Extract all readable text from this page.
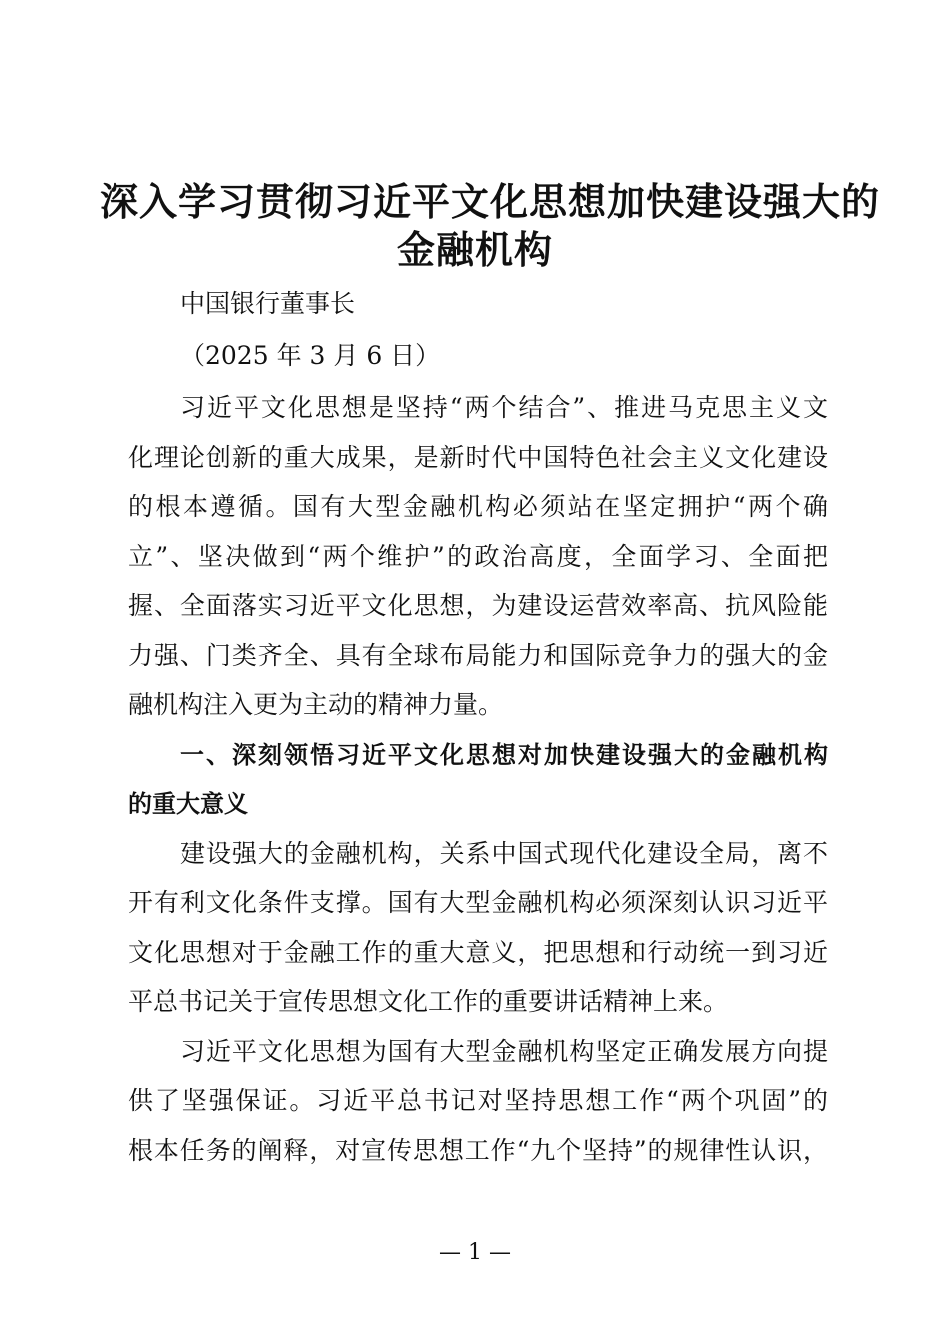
深入学习贯彻习近平文化思想加快建设强大的
金融机构
中国银行董事长
（2025 年 3 月 6 日）
习近平文化思想是坚持“两个结合”、推进马克思主义文
化理论创新的重大成果，是新时代中国特色社会主义文化建设
的根本遵循。国有大型金融机构必须站在坚定拥护“两个确
立”、坚决做到“两个维护”的政治高度，全面学习、全面把
握、全面落实习近平文化思想，为建设运营效率高、抗风险能
力强、门类齐全、具有全球布局能力和国际竞争力的强大的金
融机构注入更为主动的精神力量。
一、深刻领悟习近平文化思想对加快建设强大的金融机构
的重大意义
建设强大的金融机构，关系中国式现代化建设全局，离不
开有利文化条件支撑。国有大型金融机构必须深刻认识习近平
文化思想对于金融工作的重大意义，把思想和行动统一到习近
平总书记关于宣传思想文化工作的重要讲话精神上来。
习近平文化思想为国有大型金融机构坚定正确发展方向提
供了坚强保证。习近平总书记对坚持思想工作“两个巩固”的
根本任务的阐释，对宣传思想工作“九个坚持”的规律性认识，
— 1 —
